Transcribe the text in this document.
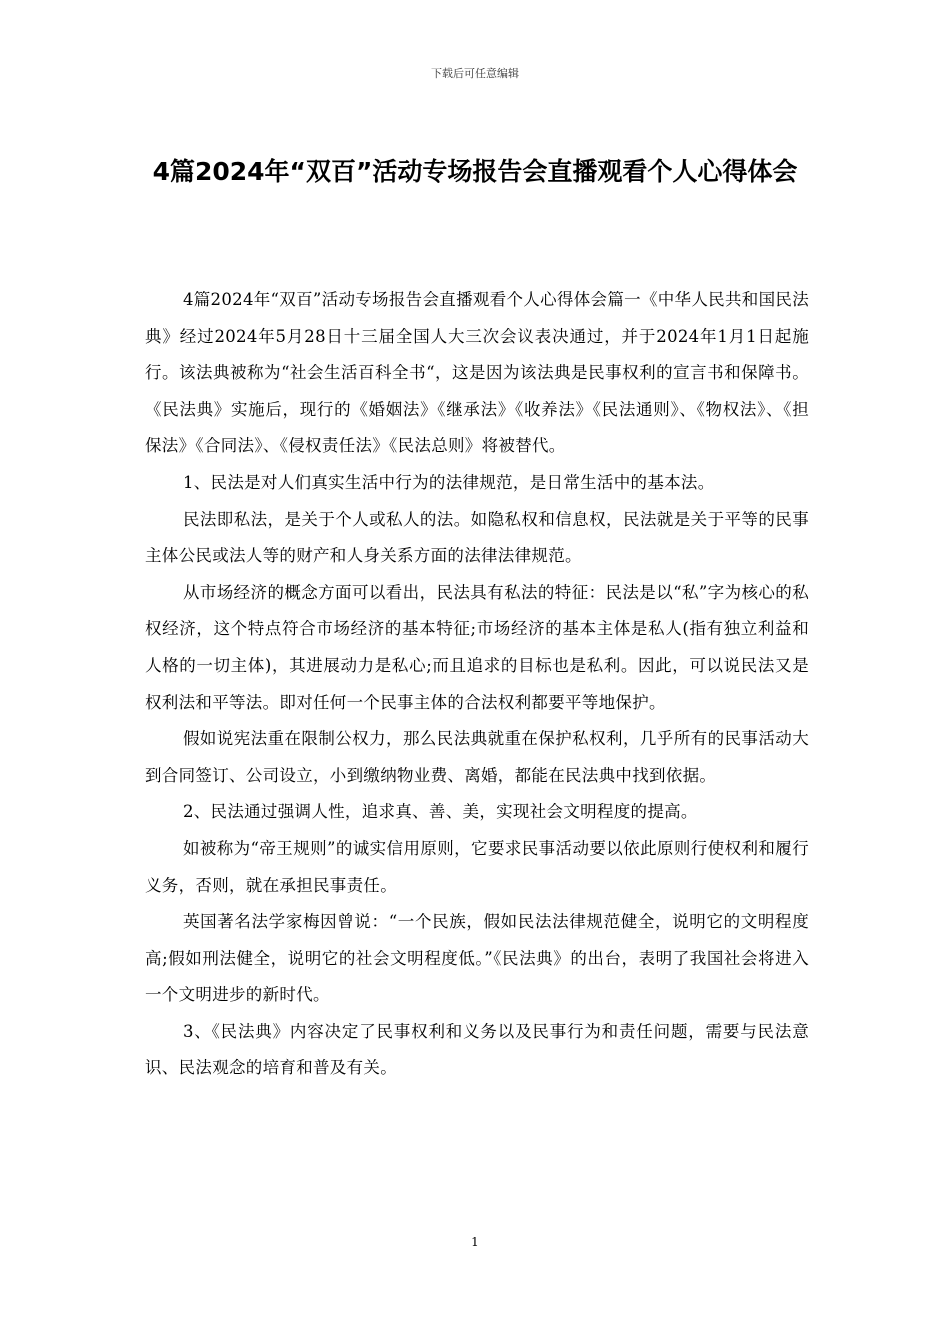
下载后可任意编辑
4篇2024年“双百”活动专场报告会直播观看个人心得体会

4篇2024年“双百”活动专场报告会直播观看个人心得体会篇一《中华人民共和国民法典》经过2024年5月28日十三届全国人大三次会议表决通过，并于2024年1月1日起施行。该法典被称为“社会生活百科全书“，这是因为该法典是民事权利的宣言书和保障书。《民法典》实施后，现行的《婚姻法》《继承法》《收养法》《民法通则》、《物权法》、《担保法》《合同法》、《侵权责任法》《民法总则》将被替代。

1、民法是对人们真实生活中行为的法律规范，是日常生活中的基本法。

民法即私法，是关于个人或私人的法。如隐私权和信息权，民法就是关于平等的民事主体公民或法人等的财产和人身关系方面的法律法律规范。

从市场经济的概念方面可以看出，民法具有私法的特征：民法是以“私”字为核心的私权经济，这个特点符合市场经济的基本特征;市场经济的基本主体是私人(指有独立利益和人格的一切主体)，其进展动力是私心;而且追求的目标也是私利。因此，可以说民法又是权利法和平等法。即对任何一个民事主体的合法权利都要平等地保护。

假如说宪法重在限制公权力，那么民法典就重在保护私权利，几乎所有的民事活动大到合同签订、公司设立，小到缴纳物业费、离婚，都能在民法典中找到依据。

2、民法通过强调人性，追求真、善、美，实现社会文明程度的提高。

如被称为“帝王规则”的诚实信用原则，它要求民事活动要以依此原则行使权利和履行义务，否则，就在承担民事责任。

英国著名法学家梅因曾说：“一个民族，假如民法法律规范健全，说明它的文明程度高;假如刑法健全，说明它的社会文明程度低。”《民法典》的出台，表明了我国社会将进入一个文明进步的新时代。

3、《民法典》内容决定了民事权利和义务以及民事行为和责任问题，需要与民法意识、民法观念的培育和普及有关。

1
